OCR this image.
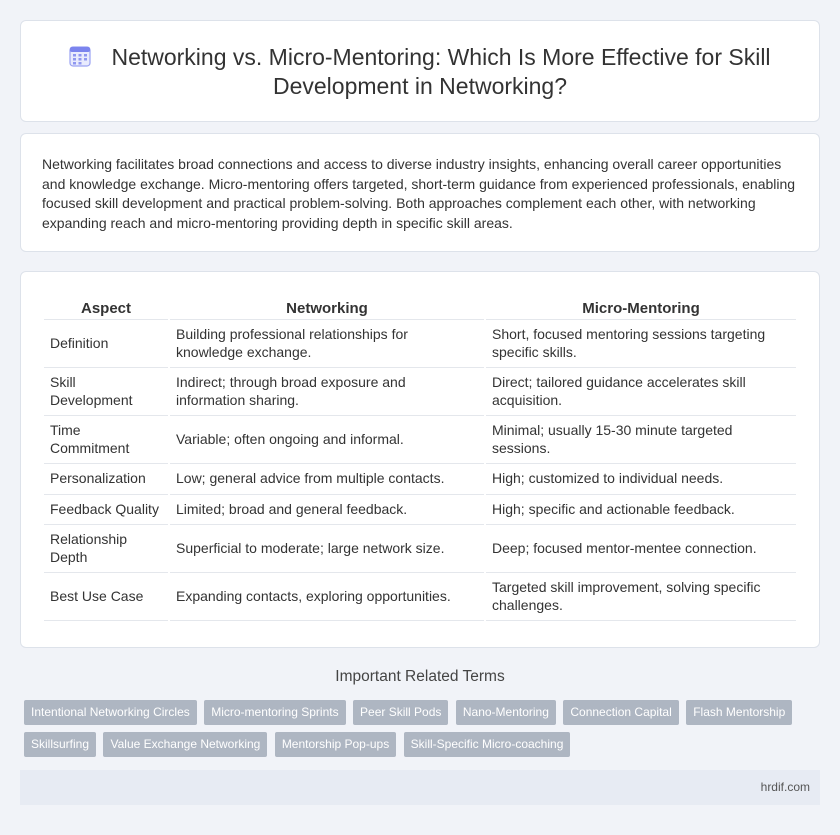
Networking vs. Micro-Mentoring: Which Is More Effective for Skill Development in Networking?

Networking facilitates broad connections and access to diverse industry insights, enhancing overall career opportunities and knowledge exchange. Micro-mentoring offers targeted, short-term guidance from experienced professionals, enabling focused skill development and practical problem-solving. Both approaches complement each other, with networking expanding reach and micro-mentoring providing depth in specific skill areas.

Aspect	Networking	Micro-Mentoring
Definition	Building professional relationships for knowledge exchange.	Short, focused mentoring sessions targeting specific skills.
Skill Development	Indirect; through broad exposure and information sharing.	Direct; tailored guidance accelerates skill acquisition.
Time Commitment	Variable; often ongoing and informal.	Minimal; usually 15-30 minute targeted sessions.
Personalization	Low; general advice from multiple contacts.	High; customized to individual needs.
Feedback Quality	Limited; broad and general feedback.	High; specific and actionable feedback.
Relationship Depth	Superficial to moderate; large network size.	Deep; focused mentor-mentee connection.
Best Use Case	Expanding contacts, exploring opportunities.	Targeted skill improvement, solving specific challenges.
Important Related Terms
Intentional Networking Circles Micro-mentoring Sprints Peer Skill Pods Nano-Mentoring Connection Capital Flash Mentorship Skillsurfing Value Exchange Networking Mentorship Pop-ups Skill-Specific Micro-coaching
hrdif.com
